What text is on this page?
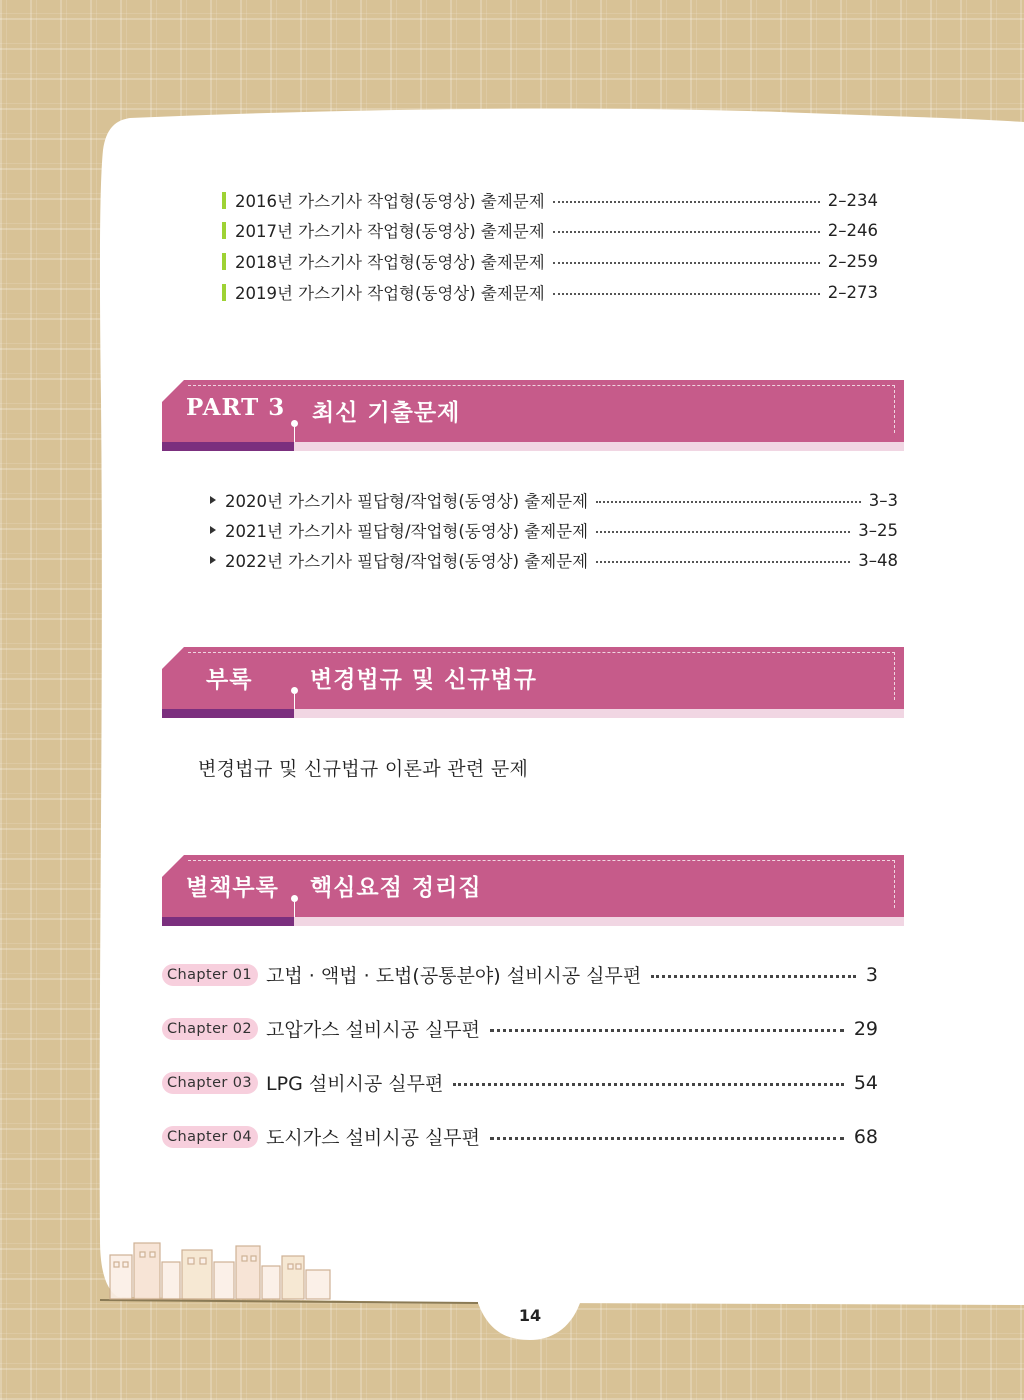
2016년 가스기사 작업형(동영상) 출제문제	2–234
2017년 가스기사 작업형(동영상) 출제문제	2–246
2018년 가스기사 작업형(동영상) 출제문제	2–259
2019년 가스기사 작업형(동영상) 출제문제	2–273
PART 3 최신 기출문제
2020년 가스기사 필답형/작업형(동영상) 출제문제	3–3
2021년 가스기사 필답형/작업형(동영상) 출제문제	3–25
2022년 가스기사 필답형/작업형(동영상) 출제문제	3–48
부록	변경법규 및 신규법규
변경법규 및 신규법규 이론과 관련 문제
별책부록 핵심요점 정리집
Chapter 01 고법 · 액법 · 도법(공통분야) 설비시공 실무편	3
Chapter 02 고압가스 설비시공 실무편	29
Chapter 03 LPG 설비시공 실무편	54
Chapter 04 도시가스 설비시공 실무편	68
14
